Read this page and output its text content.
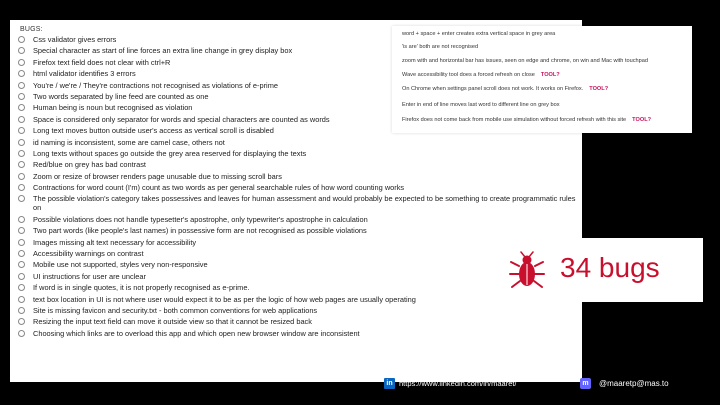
BUGS:
Css validator gives errors
Special character as start of line forces an extra line change in grey display box
Firefox text field does not clear with ctrl+R
html validator identifies 3 errors
You're / we're / They're contractions not recognised as violations of e-prime
Two words separated by line feed are counted as one
Human being is noun but recognised as violation
Space is considered only separator for words and special characters are counted as words
Long text moves button outside user's access as vertical scroll is disabled
id naming is inconsistent, some are camel case, others not
Long texts without spaces go outside the grey area reserved for displaying the texts
Red/blue on grey has bad contrast
Zoom or resize of browser renders page unusable due to missing scroll bars
Contractions for word count (I'm) count as two words as per general searchable rules of how word counting works
The possible violation's category takes possessives and leaves for human assessment and would probably be expected to be something to create programmatic rules on
Possible violations does not handle typesetter's apostrophe, only typewriter's apostrophe in calculation
Two part words (like people's last names) in possessive form are not recognised as possible violations
Images missing alt text necessary for accessibility
Accessibility warnings on contrast
Mobile use not supported, styles very non-responsive
UI instructions for user are unclear
If word is in single quotes, it is not properly recognised as e-prime.
text box location in UI is not where user would expect it to be as per the logic of how web pages are usually operating
Site is missing favicon and security.txt - both common conventions for web applications
Resizing the input text field can move it outside view so that it cannot be resized back
Choosing which links are to overload this app and which open new browser window are inconsistent
word + space + enter creates extra vertical space in grey area
'is are' both are not recognised
zoom with and horizontal bar has issues, seen on edge and chrome, on win and Mac with touchpad
Wave accessibility tool does a forced refresh on close TOOL?
On Chrome when settings panel scroll does not work. It works on Firefox. TOOL?
Enter in end of line moves last word to different line on grey box
Firefox does not come back from mobile use simulation without forced refresh with this site TOOL?
34 bugs
in https://www.linkedin.com/in/maaret/	m @maaretp@mas.to
